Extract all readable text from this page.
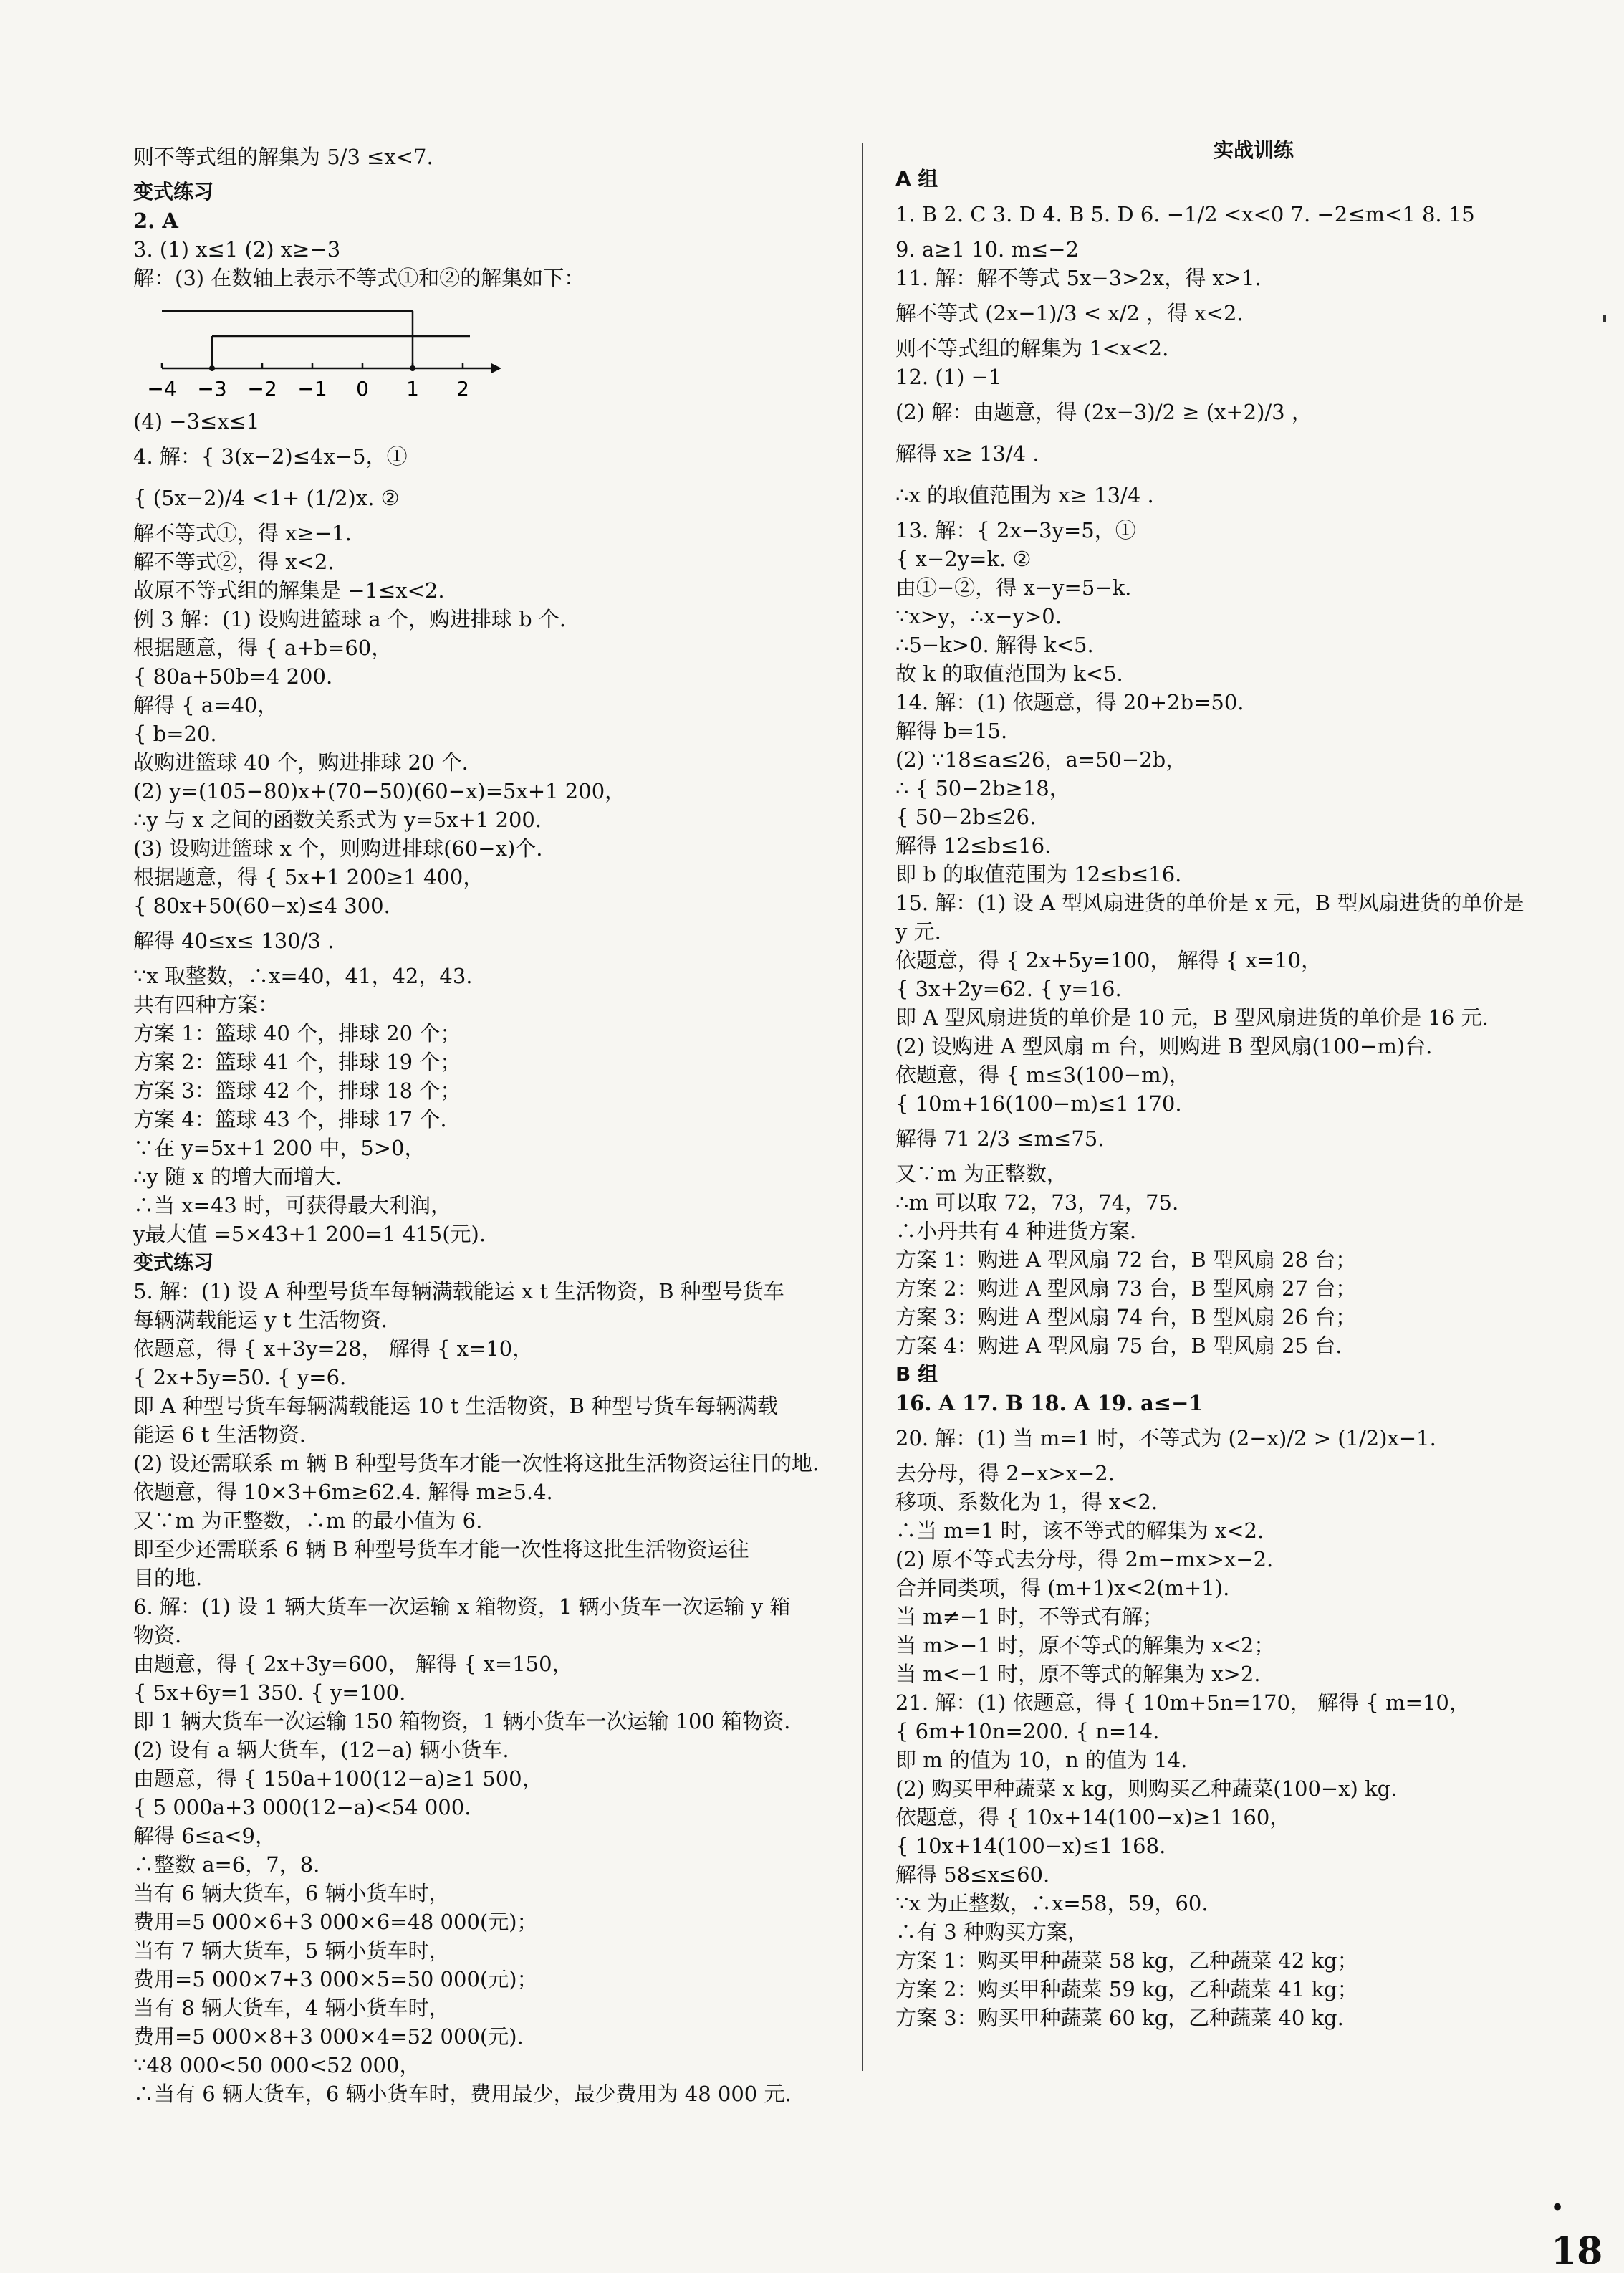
则不等式组的解集为 5/3 ≤x<7.
变式练习
2. A
3. (1) x≤1 (2) x≥−3
解：(3) 在数轴上表示不等式①和②的解集如下：
−4 −3 −2 −1 0 1 2
(4) −3≤x≤1
4. 解：{ 3(x−2)≤4x−5，①
{ (5x−2)/4 <1+ (1/2)x. ②
解不等式①，得 x≥−1.
解不等式②，得 x<2.
故原不等式组的解集是 −1≤x<2.
例 3 解：(1) 设购进篮球 a 个，购进排球 b 个.
根据题意，得 { a+b=60，
{ 80a+50b=4 200.
解得 { a=40，
{ b=20.
故购进篮球 40 个，购进排球 20 个.
(2) y=(105−80)x+(70−50)(60−x)=5x+1 200，
∴y 与 x 之间的函数关系式为 y=5x+1 200.
(3) 设购进篮球 x 个，则购进排球(60−x)个.
根据题意，得 { 5x+1 200≥1 400，
{ 80x+50(60−x)≤4 300.
解得 40≤x≤ 130/3 .
∵x 取整数，∴x=40，41，42，43.
共有四种方案：
方案 1：篮球 40 个，排球 20 个；
方案 2：篮球 41 个，排球 19 个；
方案 3：篮球 42 个，排球 18 个；
方案 4：篮球 43 个，排球 17 个.
∵在 y=5x+1 200 中，5>0，
∴y 随 x 的增大而增大.
∴当 x=43 时，可获得最大利润，
y最大值 =5×43+1 200=1 415(元).
变式练习
5. 解：(1) 设 A 种型号货车每辆满载能运 x t 生活物资，B 种型号货车
每辆满载能运 y t 生活物资.
依题意，得 { x+3y=28， 解得 { x=10，
{ 2x+5y=50. { y=6.
即 A 种型号货车每辆满载能运 10 t 生活物资，B 种型号货车每辆满载
能运 6 t 生活物资.
(2) 设还需联系 m 辆 B 种型号货车才能一次性将这批生活物资运往目的地.
依题意，得 10×3+6m≥62.4. 解得 m≥5.4.
又∵m 为正整数，∴m 的最小值为 6.
即至少还需联系 6 辆 B 种型号货车才能一次性将这批生活物资运往
目的地.
6. 解：(1) 设 1 辆大货车一次运输 x 箱物资，1 辆小货车一次运输 y 箱
物资.
由题意，得 { 2x+3y=600， 解得 { x=150，
{ 5x+6y=1 350. { y=100.
即 1 辆大货车一次运输 150 箱物资，1 辆小货车一次运输 100 箱物资.
(2) 设有 a 辆大货车，(12−a) 辆小货车.
由题意，得 { 150a+100(12−a)≥1 500，
{ 5 000a+3 000(12−a)<54 000.
解得 6≤a<9，
∴整数 a=6，7，8.
当有 6 辆大货车，6 辆小货车时，
费用=5 000×6+3 000×6=48 000(元)；
当有 7 辆大货车，5 辆小货车时，
费用=5 000×7+3 000×5=50 000(元)；
当有 8 辆大货车，4 辆小货车时，
费用=5 000×8+3 000×4=52 000(元).
∵48 000<50 000<52 000，
∴当有 6 辆大货车，6 辆小货车时，费用最少，最少费用为 48 000 元.
实战训练
A 组
1. B 2. C 3. D 4. B 5. D 6. −1/2 <x<0 7. −2≤m<1 8. 15
9. a≥1 10. m≤−2
11. 解：解不等式 5x−3>2x，得 x>1.
解不等式 (2x−1)/3 < x/2 ，得 x<2.
则不等式组的解集为 1<x<2.
12. (1) −1
(2) 解：由题意，得 (2x−3)/2 ≥ (x+2)/3 ，
解得 x≥ 13/4 .
∴x 的取值范围为 x≥ 13/4 .
13. 解：{ 2x−3y=5，①
{ x−2y=k. ②
由①−②，得 x−y=5−k.
∵x>y，∴x−y>0.
∴5−k>0. 解得 k<5.
故 k 的取值范围为 k<5.
14. 解：(1) 依题意，得 20+2b=50.
解得 b=15.
(2) ∵18≤a≤26，a=50−2b，
∴ { 50−2b≥18，
{ 50−2b≤26.
解得 12≤b≤16.
即 b 的取值范围为 12≤b≤16.
15. 解：(1) 设 A 型风扇进货的单价是 x 元，B 型风扇进货的单价是
y 元.
依题意，得 { 2x+5y=100， 解得 { x=10，
{ 3x+2y=62. { y=16.
即 A 型风扇进货的单价是 10 元，B 型风扇进货的单价是 16 元.
(2) 设购进 A 型风扇 m 台，则购进 B 型风扇(100−m)台.
依题意，得 { m≤3(100−m)，
{ 10m+16(100−m)≤1 170.
解得 71 2/3 ≤m≤75.
又∵m 为正整数，
∴m 可以取 72，73，74，75.
∴小丹共有 4 种进货方案.
方案 1：购进 A 型风扇 72 台，B 型风扇 28 台；
方案 2：购进 A 型风扇 73 台，B 型风扇 27 台；
方案 3：购进 A 型风扇 74 台，B 型风扇 26 台；
方案 4：购进 A 型风扇 75 台，B 型风扇 25 台.
B 组
16. A 17. B 18. A 19. a≤−1
20. 解：(1) 当 m=1 时，不等式为 (2−x)/2 > (1/2)x−1.
去分母，得 2−x>x−2.
移项、系数化为 1，得 x<2.
∴当 m=1 时，该不等式的解集为 x<2.
(2) 原不等式去分母，得 2m−mx>x−2.
合并同类项，得 (m+1)x<2(m+1).
当 m≠−1 时，不等式有解；
当 m>−1 时，原不等式的解集为 x<2；
当 m<−1 时，原不等式的解集为 x>2.
21. 解：(1) 依题意，得 { 10m+5n=170， 解得 { m=10，
{ 6m+10n=200. { n=14.
即 m 的值为 10，n 的值为 14.
(2) 购买甲种蔬菜 x kg，则购买乙种蔬菜(100−x) kg.
依题意，得 { 10x+14(100−x)≥1 160，
{ 10x+14(100−x)≤1 168.
解得 58≤x≤60.
∵x 为正整数，∴x=58，59，60.
∴有 3 种购买方案，
方案 1：购买甲种蔬菜 58 kg，乙种蔬菜 42 kg；
方案 2：购买甲种蔬菜 59 kg，乙种蔬菜 41 kg；
方案 3：购买甲种蔬菜 60 kg，乙种蔬菜 40 kg.
· 18
